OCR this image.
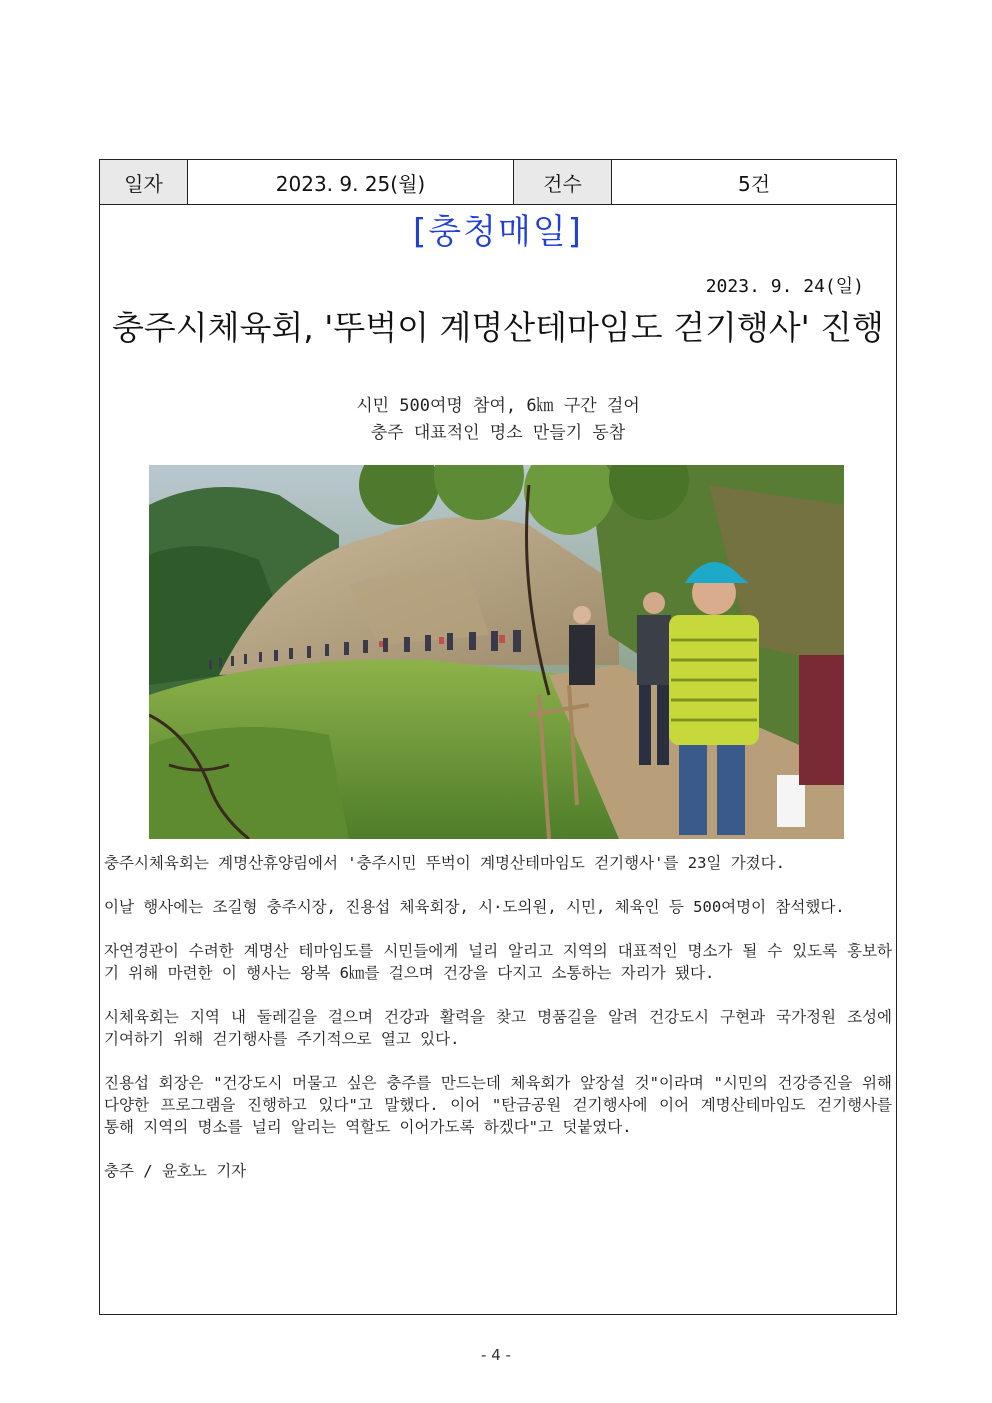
일자	2023. 9. 25(월)	건수	5건
[충청매일]
2023. 9. 24(일)
충주시체육회, '뚜벅이 계명산테마임도 걷기행사' 진행
시민 500여명 참여, 6㎞ 구간 걸어
충주 대표적인 명소 만들기 동참

충주시체육회는 계명산휴양림에서 '충주시민 뚜벅이 계명산테마임도 걷기행사'를 23일 가졌다.

이날 행사에는 조길형 충주시장, 진용섭 체육회장, 시·도의원, 시민, 체육인 등 500여명이 참석했다.

자연경관이 수려한 계명산 테마임도를 시민들에게 널리 알리고 지역의 대표적인 명소가 될 수 있도록 홍보하기 위해 마련한 이 행사는 왕복 6㎞를 걸으며 건강을 다지고 소통하는 자리가 됐다.

시체육회는 지역 내 둘레길을 걸으며 건강과 활력을 찾고 명품길을 알려 건강도시 구현과 국가정원 조성에 기여하기 위해 걷기행사를 주기적으로 열고 있다.

진용섭 회장은 "건강도시 머물고 싶은 충주를 만드는데 체육회가 앞장설 것"이라며 "시민의 건강증진을 위해 다양한 프로그램을 진행하고 있다"고 말했다. 이어 "탄금공원 걷기행사에 이어 계명산테마임도 걷기행사를 통해 지역의 명소를 널리 알리는 역할도 이어가도록 하겠다"고 덧붙였다.

충주 / 윤호노 기자

- 4 -
